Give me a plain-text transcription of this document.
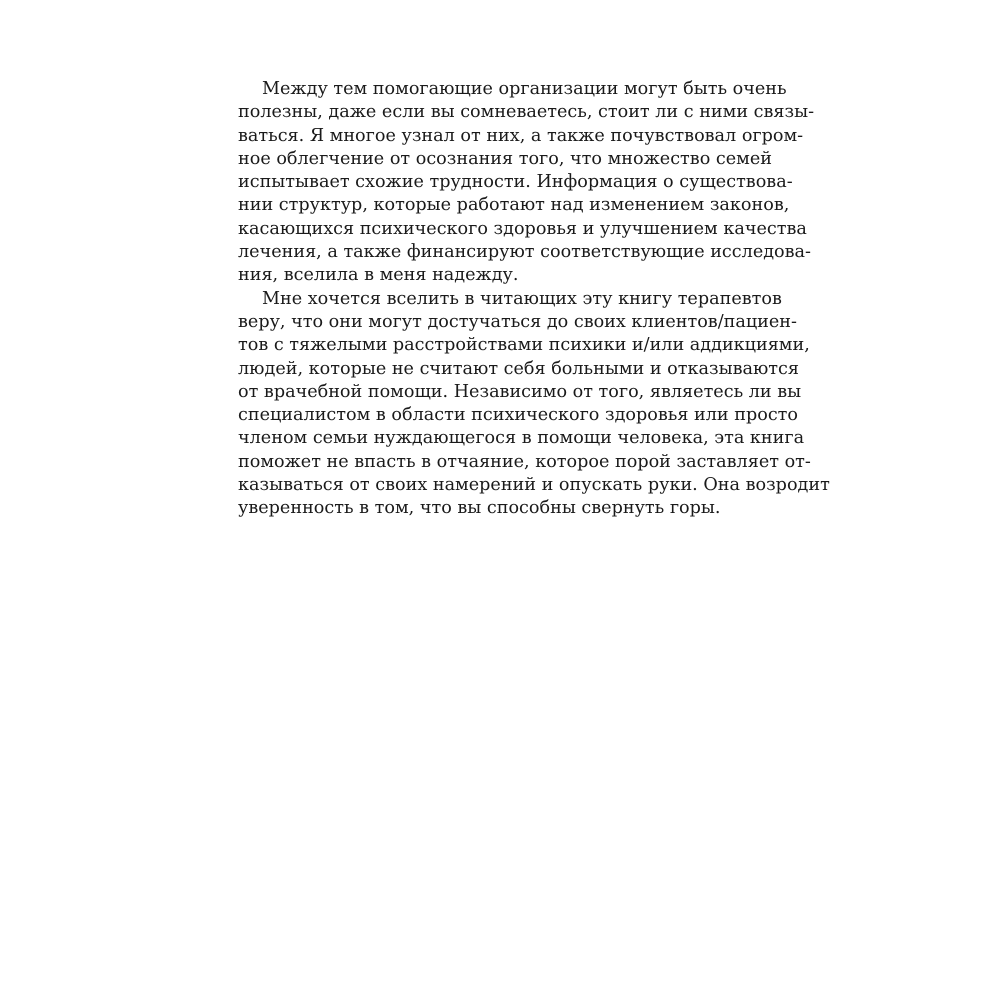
Между тем помогающие организации могут быть очень
полезны, даже если вы сомневаетесь, стоит ли с ними связы-
ваться. Я многое узнал от них, а также почувствовал огром-
ное облегчение от осознания того, что множество семей
испытывает схожие трудности. Информация о существова-
нии структур, которые работают над изменением законов,
касающихся психического здоровья и улучшением качества
лечения, а также финансируют соответствующие исследова-
ния, вселила в меня надежду.
Мне хочется вселить в читающих эту книгу терапевтов
веру, что они могут достучаться до своих клиентов/пациен-
тов с тяжелыми расстройствами психики и/или аддикциями,
людей, которые не считают себя больными и отказываются
от врачебной помощи. Независимо от того, являетесь ли вы
специалистом в области психического здоровья или просто
членом семьи нуждающегося в помощи человека, эта книга
поможет не впасть в отчаяние, которое порой заставляет от-
казываться от своих намерений и опускать руки. Она возродит
уверенность в том, что вы способны свернуть горы.
